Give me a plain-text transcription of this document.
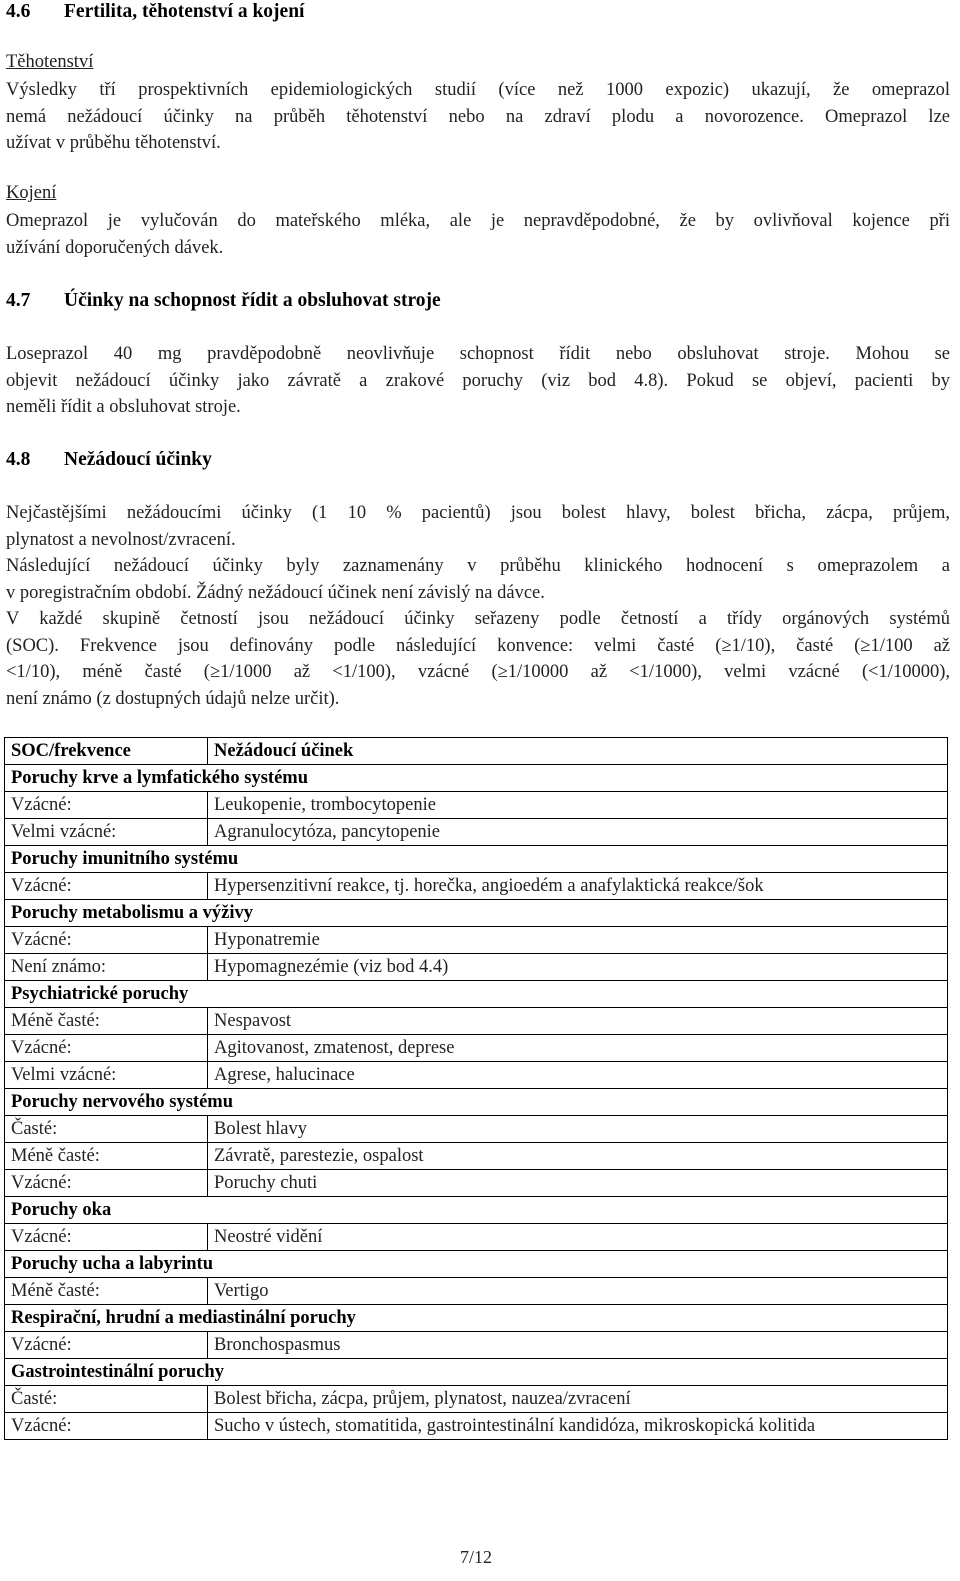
4.6 Fertilita, těhotenství a kojení
Těhotenství
Výsledky tří prospektivních epidemiologických studií (více než 1000 expozic) ukazují, že omeprazol
nemá nežádoucí účinky na průběh těhotenství nebo na zdraví plodu a novorozence. Omeprazol lze
užívat v průběhu těhotenství.
Kojení
Omeprazol je vylučován do mateřského mléka, ale je nepravděpodobné, že by ovlivňoval kojence při
užívání doporučených dávek.
4.7 Účinky na schopnost řídit a obsluhovat stroje
Loseprazol 40 mg pravděpodobně neovlivňuje schopnost řídit nebo obsluhovat stroje. Mohou se
objevit nežádoucí účinky jako závratě a zrakové poruchy (viz bod 4.8). Pokud se objeví, pacienti by
neměli řídit a obsluhovat stroje.
4.8 Nežádoucí účinky
Nejčastějšími nežádoucími účinky (1 10 % pacientů) jsou bolest hlavy, bolest břicha, zácpa, průjem,
plynatost a nevolnost/zvracení.
Následující nežádoucí účinky byly zaznamenány v průběhu klinického hodnocení s omeprazolem a
v poregistračním období. Žádný nežádoucí účinek není závislý na dávce.
V každé skupině četností jsou nežádoucí účinky seřazeny podle četností a třídy orgánových systémů
(SOC). Frekvence jsou definovány podle následující konvence: velmi časté (≥1/10), časté (≥1/100 až
<1/10), méně časté (≥1/1000 až <1/100), vzácné (≥1/10000 až <1/1000), velmi vzácné (<1/10000),
není známo (z dostupných údajů nelze určit).
SOC/frekvence	Nežádoucí účinek
Poruchy krve a lymfatického systému	
Vzácné:	Leukopenie, trombocytopenie
Velmi vzácné:	Agranulocytóza, pancytopenie
Poruchy imunitního systému	
Vzácné:	Hypersenzitivní reakce, tj. horečka, angioedém a anafylaktická reakce/šok
Poruchy metabolismu a výživy	
Vzácné:	Hyponatremie
Není známo:	Hypomagnezémie (viz bod 4.4)
Psychiatrické poruchy	
Méně časté:	Nespavost
Vzácné:	Agitovanost, zmatenost, deprese
Velmi vzácné:	Agrese, halucinace
Poruchy nervového systému	
Časté:	Bolest hlavy
Méně časté:	Závratě, parestezie, ospalost
Vzácné:	Poruchy chuti
Poruchy oka	
Vzácné:	Neostré vidění
Poruchy ucha a labyrintu	
Méně časté:	Vertigo
Respirační, hrudní a mediastinální poruchy	
Vzácné:	Bronchospasmus
Gastrointestinální poruchy	
Časté:	Bolest břicha, zácpa, průjem, plynatost, nauzea/zvracení
Vzácné:	Sucho v ústech, stomatitida, gastrointestinální kandidóza, mikroskopická kolitida
7/12
